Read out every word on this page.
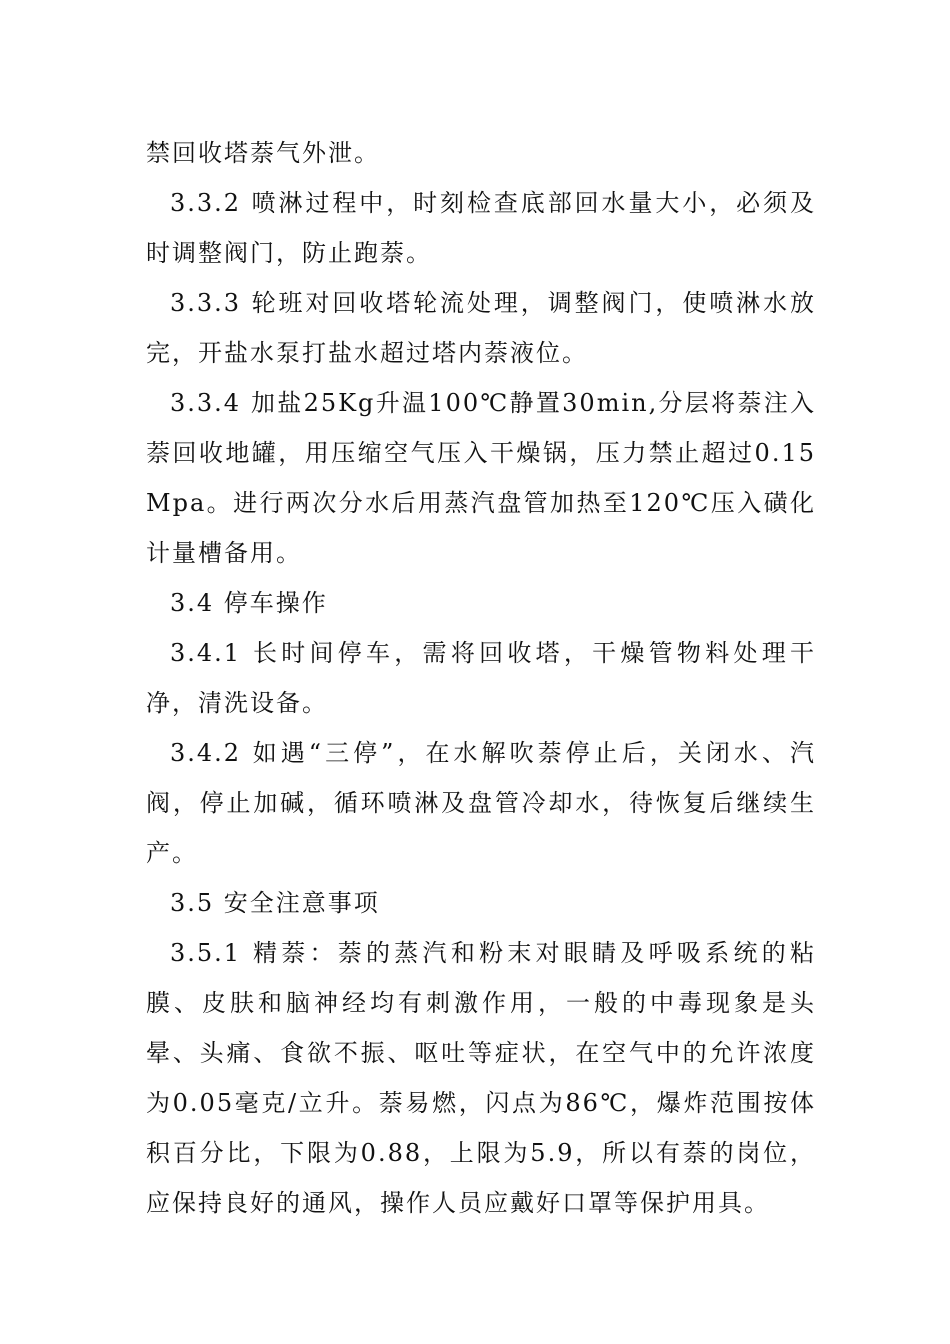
禁回收塔萘气外泄。

3.3.2 喷淋过程中，时刻检查底部回水量大小，必须及时调整阀门，防止跑萘。

3.3.3 轮班对回收塔轮流处理，调整阀门，使喷淋水放完，开盐水泵打盐水超过塔内萘液位。

3.3.4 加盐25Kg升温100℃静置30min,分层将萘注入萘回收地罐，用压缩空气压入干燥锅，压力禁止超过0.15Mpa。进行两次分水后用蒸汽盘管加热至120℃压入磺化计量槽备用。

3.4 停车操作

3.4.1 长时间停车，需将回收塔，干燥管物料处理干净，清洗设备。

3.4.2 如遇“三停”，在水解吹萘停止后，关闭水、汽阀，停止加碱，循环喷淋及盘管冷却水，待恢复后继续生产。

3.5 安全注意事项

3.5.1 精萘：萘的蒸汽和粉末对眼睛及呼吸系统的粘膜、皮肤和脑神经均有刺激作用，一般的中毒现象是头晕、头痛、食欲不振、呕吐等症状，在空气中的允许浓度为0.05毫克/立升。萘易燃，闪点为86℃，爆炸范围按体积百分比，下限为0.88，上限为5.9，所以有萘的岗位，应保持良好的通风，操作人员应戴好口罩等保护用具。
